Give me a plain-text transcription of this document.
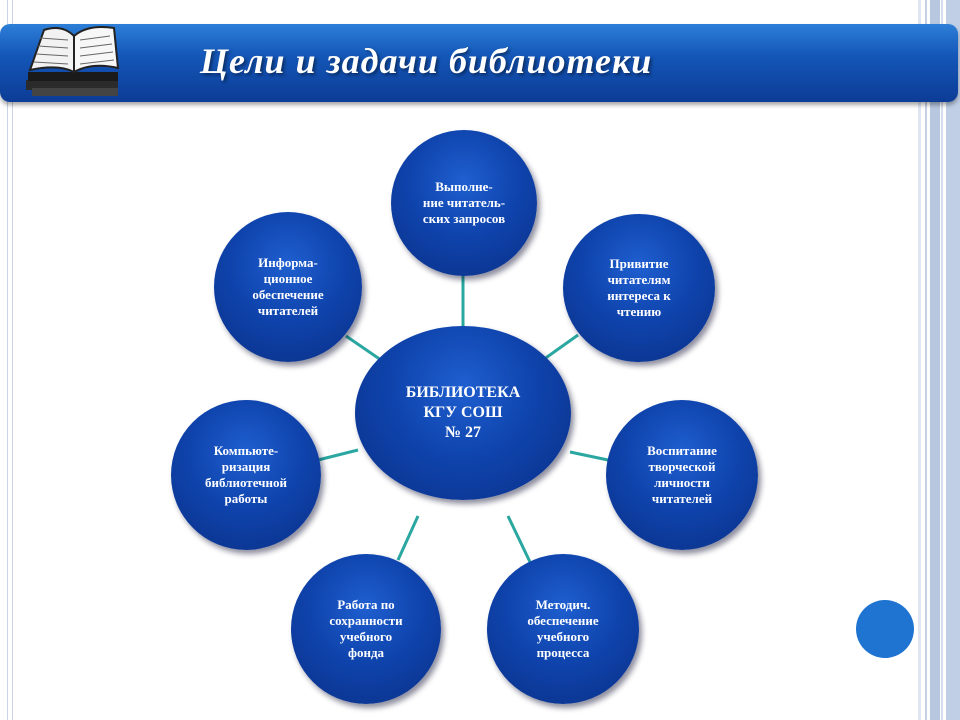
Цели и задачи библиотеки
Выполне-
ние читатель-
ских запросов
Привитие
читателям
интереса к
чтению
Воспитание
творческой
личности
читателей
Методич.
обеспечение
учебного
процесса
Работа по
сохранности
учебного
фонда
Компьюте-
ризация
библиотечной
работы
Информа-
ционное
обеспечение
читателей
БИБЛИОТЕКА
КГУ СОШ
№ 27
